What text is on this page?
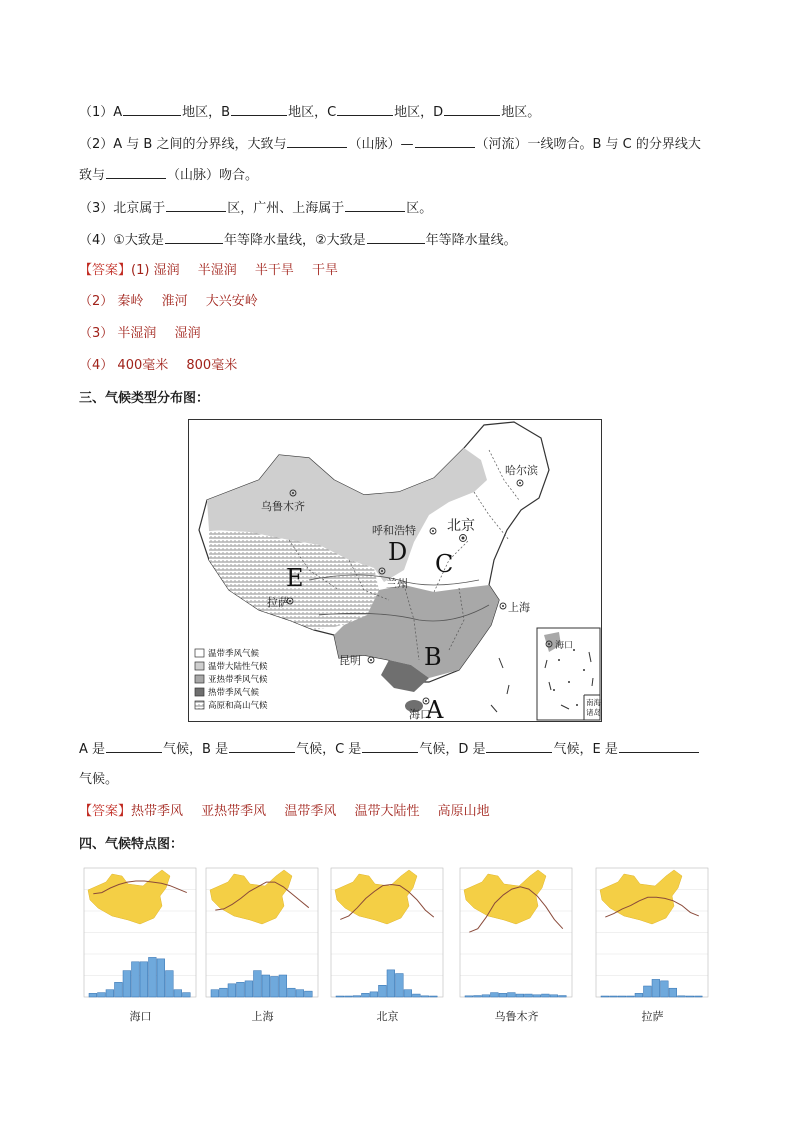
（1）A	地区，B	地区，C	地区，D	地区。
（2）A 与 B 之间的分界线，大致与	（山脉）—	（河流）一线吻合。B 与 C 的分界线大
致与	（山脉）吻合。
（3）北京属于	区，广州、上海属于	区。
（4）①大致是	年等降水量线，②大致是	年等降水量线。
【答案】(1) 湿润 半湿润 半干旱 干旱
（2） 秦岭 淮河 大兴安岭
（3） 半湿润 湿润
（4） 400毫米 800毫米
三、气候类型分布图：
温带季风气候
温带大陆性气候
亚热带季风气候
热带季风气候
高原和高山气候
乌鲁木齐
哈尔滨
呼和浩特 北京
兰州
拉萨	上海
昆明
海口
海口
南海
诸岛
A
B
C
D
E
A 是	气候，B 是	气候，C 是	气候，D 是	气候，E 是
气候。
【答案】热带季风 亚热带季风 温带季风 温带大陆性 高原山地
四、气候特点图：
海口	上海	北京	乌鲁木齐	拉萨
